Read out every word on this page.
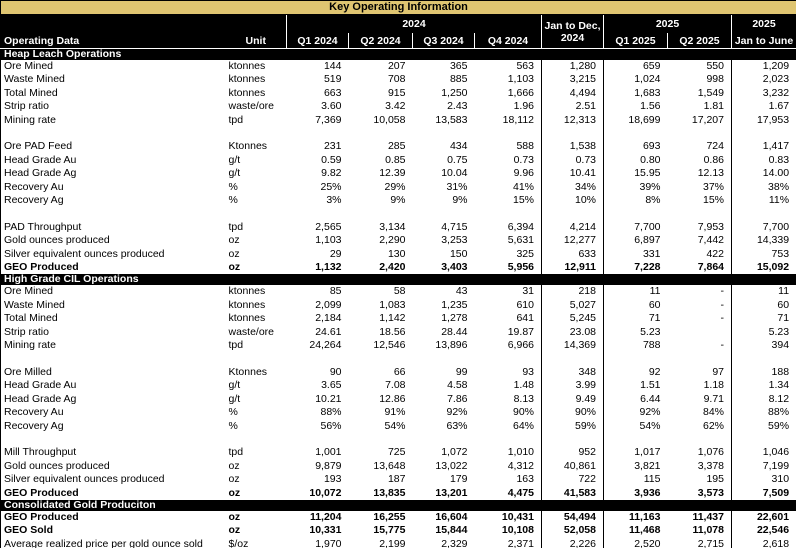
Key Operating Information									
		2024				Jan to Dec,
2024	2025		2025
Operating Data	Unit	Q1 2024	Q2 2024	Q3 2024	Q4 2024		Q1 2025	Q2 2025	Jan to June
Heap Leach Operations									
Ore Mined	ktonnes	144	207	365	563	1,280	659	550	1,209
Waste Mined	ktonnes	519	708	885	1,103	3,215	1,024	998	2,023
Total Mined	ktonnes	663	915	1,250	1,666	4,494	1,683	1,549	3,232
Strip ratio	waste/ore	3.60	3.42	2.43	1.96	2.51	1.56	1.81	1.67
Mining rate	tpd	7,369	10,058	13,583	18,112	12,313	18,699	17,207	17,953

Ore PAD Feed	Ktonnes	231	285	434	588	1,538	693	724	1,417
Head Grade Au	g/t	0.59	0.85	0.75	0.73	0.73	0.80	0.86	0.83
Head Grade Ag	g/t	9.82	12.39	10.04	9.96	10.41	15.95	12.13	14.00
Recovery Au	%	25%	29%	31%	41%	34%	39%	37%	38%
Recovery Ag	%	3%	9%	9%	15%	10%	8%	15%	11%

PAD Throughput	tpd	2,565	3,134	4,715	6,394	4,214	7,700	7,953	7,700
Gold ounces produced	oz	1,103	2,290	3,253	5,631	12,277	6,897	7,442	14,339
Silver equivalent ounces produced	oz	29	130	150	325	633	331	422	753
GEO Produced	oz	1,132	2,420	3,403	5,956	12,911	7,228	7,864	15,092
High Grade CIL Operations									
Ore Mined	ktonnes	85	58	43	31	218	11	-	11
Waste Mined	ktonnes	2,099	1,083	1,235	610	5,027	60	-	60
Total Mined	ktonnes	2,184	1,142	1,278	641	5,245	71	-	71
Strip ratio	waste/ore	24.61	18.56	28.44	19.87	23.08	5.23		5.23
Mining rate	tpd	24,264	12,546	13,896	6,966	14,369	788	-	394

Ore Milled	Ktonnes	90	66	99	93	348	92	97	188
Head Grade Au	g/t	3.65	7.08	4.58	1.48	3.99	1.51	1.18	1.34
Head Grade Ag	g/t	10.21	12.86	7.86	8.13	9.49	6.44	9.71	8.12
Recovery Au	%	88%	91%	92%	90%	90%	92%	84%	88%
Recovery Ag	%	56%	54%	63%	64%	59%	54%	62%	59%

Mill Throughput	tpd	1,001	725	1,072	1,010	952	1,017	1,076	1,046
Gold ounces produced	oz	9,879	13,648	13,022	4,312	40,861	3,821	3,378	7,199
Silver equivalent ounces produced	oz	193	187	179	163	722	115	195	310
GEO Produced	oz	10,072	13,835	13,201	4,475	41,583	3,936	3,573	7,509
Consolidated Gold Produciton									
GEO Produced	oz	11,204	16,255	16,604	10,431	54,494	11,163	11,437	22,601
GEO Sold	oz	10,331	15,775	15,844	10,108	52,058	11,468	11,078	22,546
Average realized price per gold ounce sold	$/oz	1,970	2,199	2,329	2,371	2,226	2,520	2,715	2,618
